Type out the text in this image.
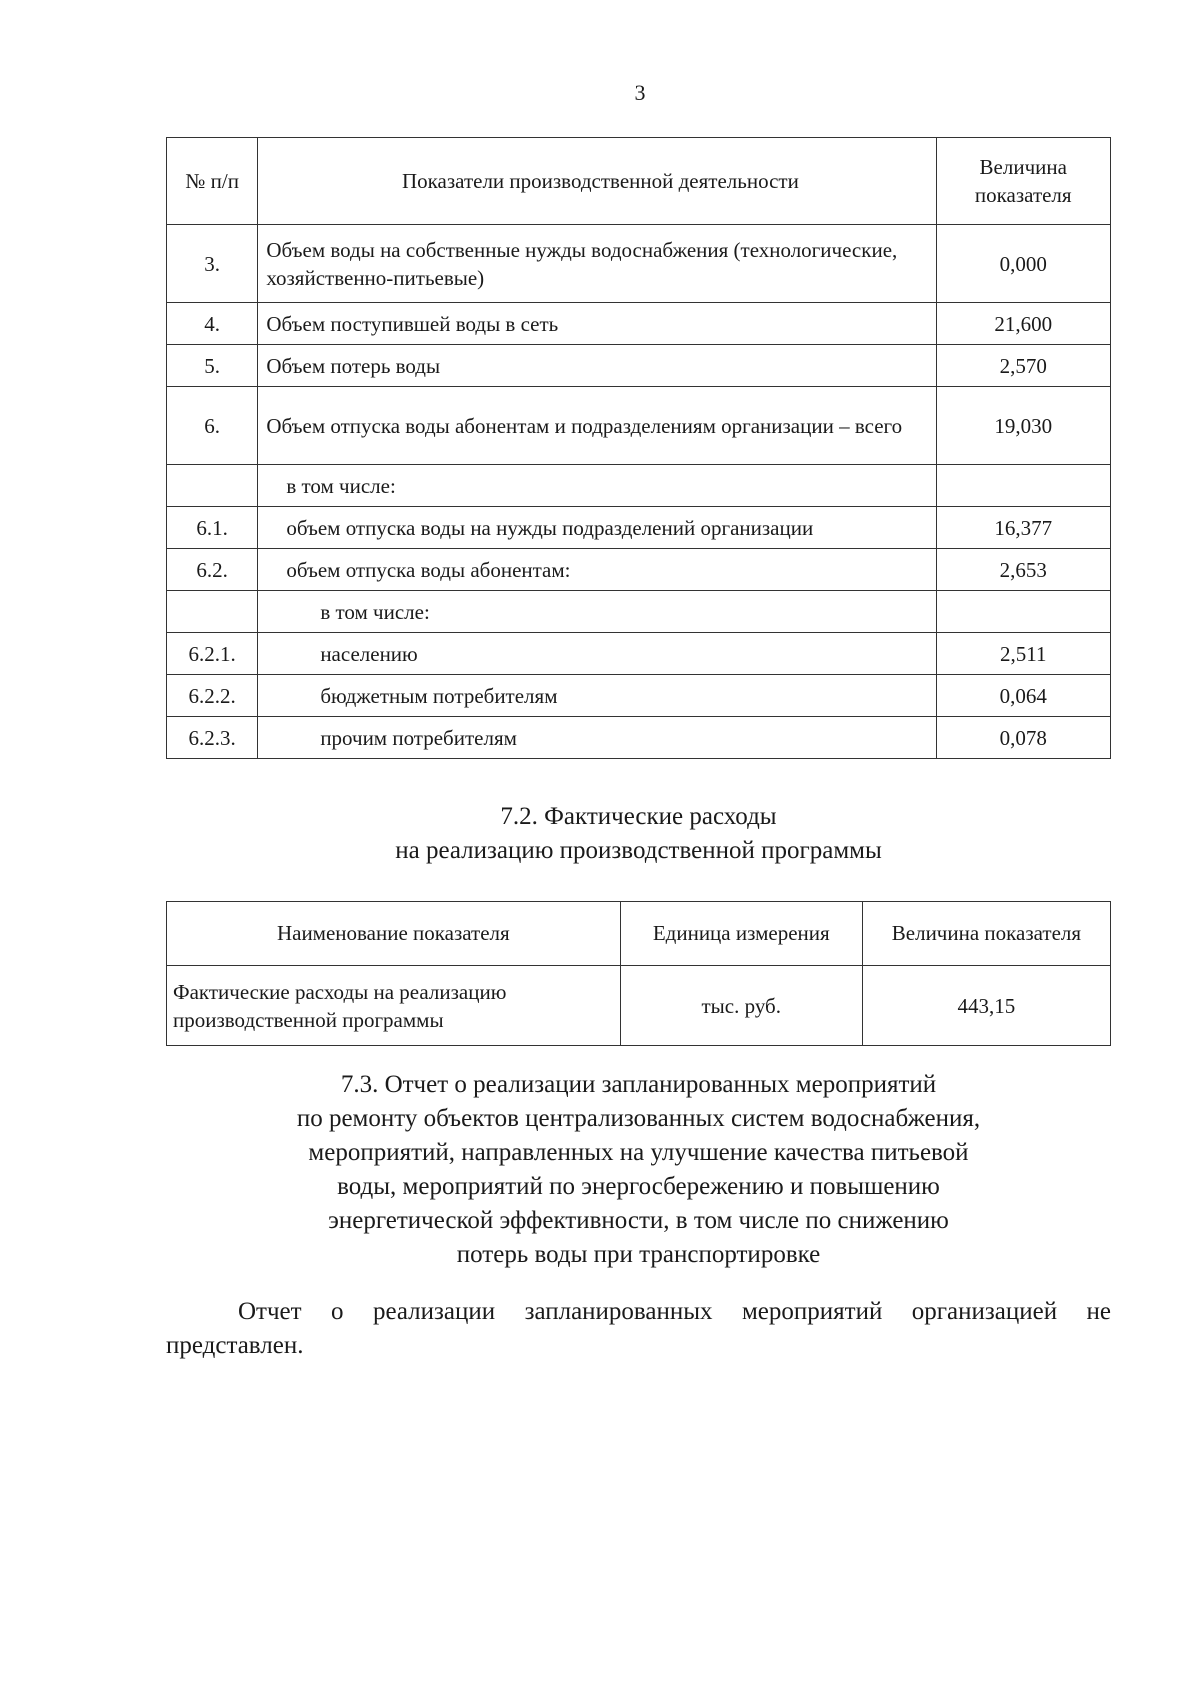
3
№ п/п	Показатели производственной деятельности	Величина показателя
3.	Объем воды на собственные нужды водоснабжения (технологические, хозяйственно-питьевые)	0,000
4.	Объем поступившей воды в сеть	21,600
5.	Объем потерь воды	2,570
6.	Объем отпуска воды абонентам и подразделениям организации – всего	19,030
	в том числе:	
6.1.	объем отпуска воды на нужды подразделений организации	16,377
6.2.	объем отпуска воды абонентам:	2,653
	в том числе:	
6.2.1.	населению	2,511
6.2.2.	бюджетным потребителям	0,064
6.2.3.	прочим потребителям	0,078
7.2. Фактические расходы
на реализацию производственной программы
Наименование показателя	Единица измерения	Величина показателя
Фактические расходы на реализацию производственной программы	тыс. руб.	443,15
7.3. Отчет о реализации запланированных мероприятий
по ремонту объектов централизованных систем водоснабжения,
мероприятий, направленных на улучшение качества питьевой
воды, мероприятий по энергосбережению и повышению
энергетической эффективности, в том числе по снижению
потерь воды при транспортировке

Отчет о реализации запланированных мероприятий организацией не представлен.
